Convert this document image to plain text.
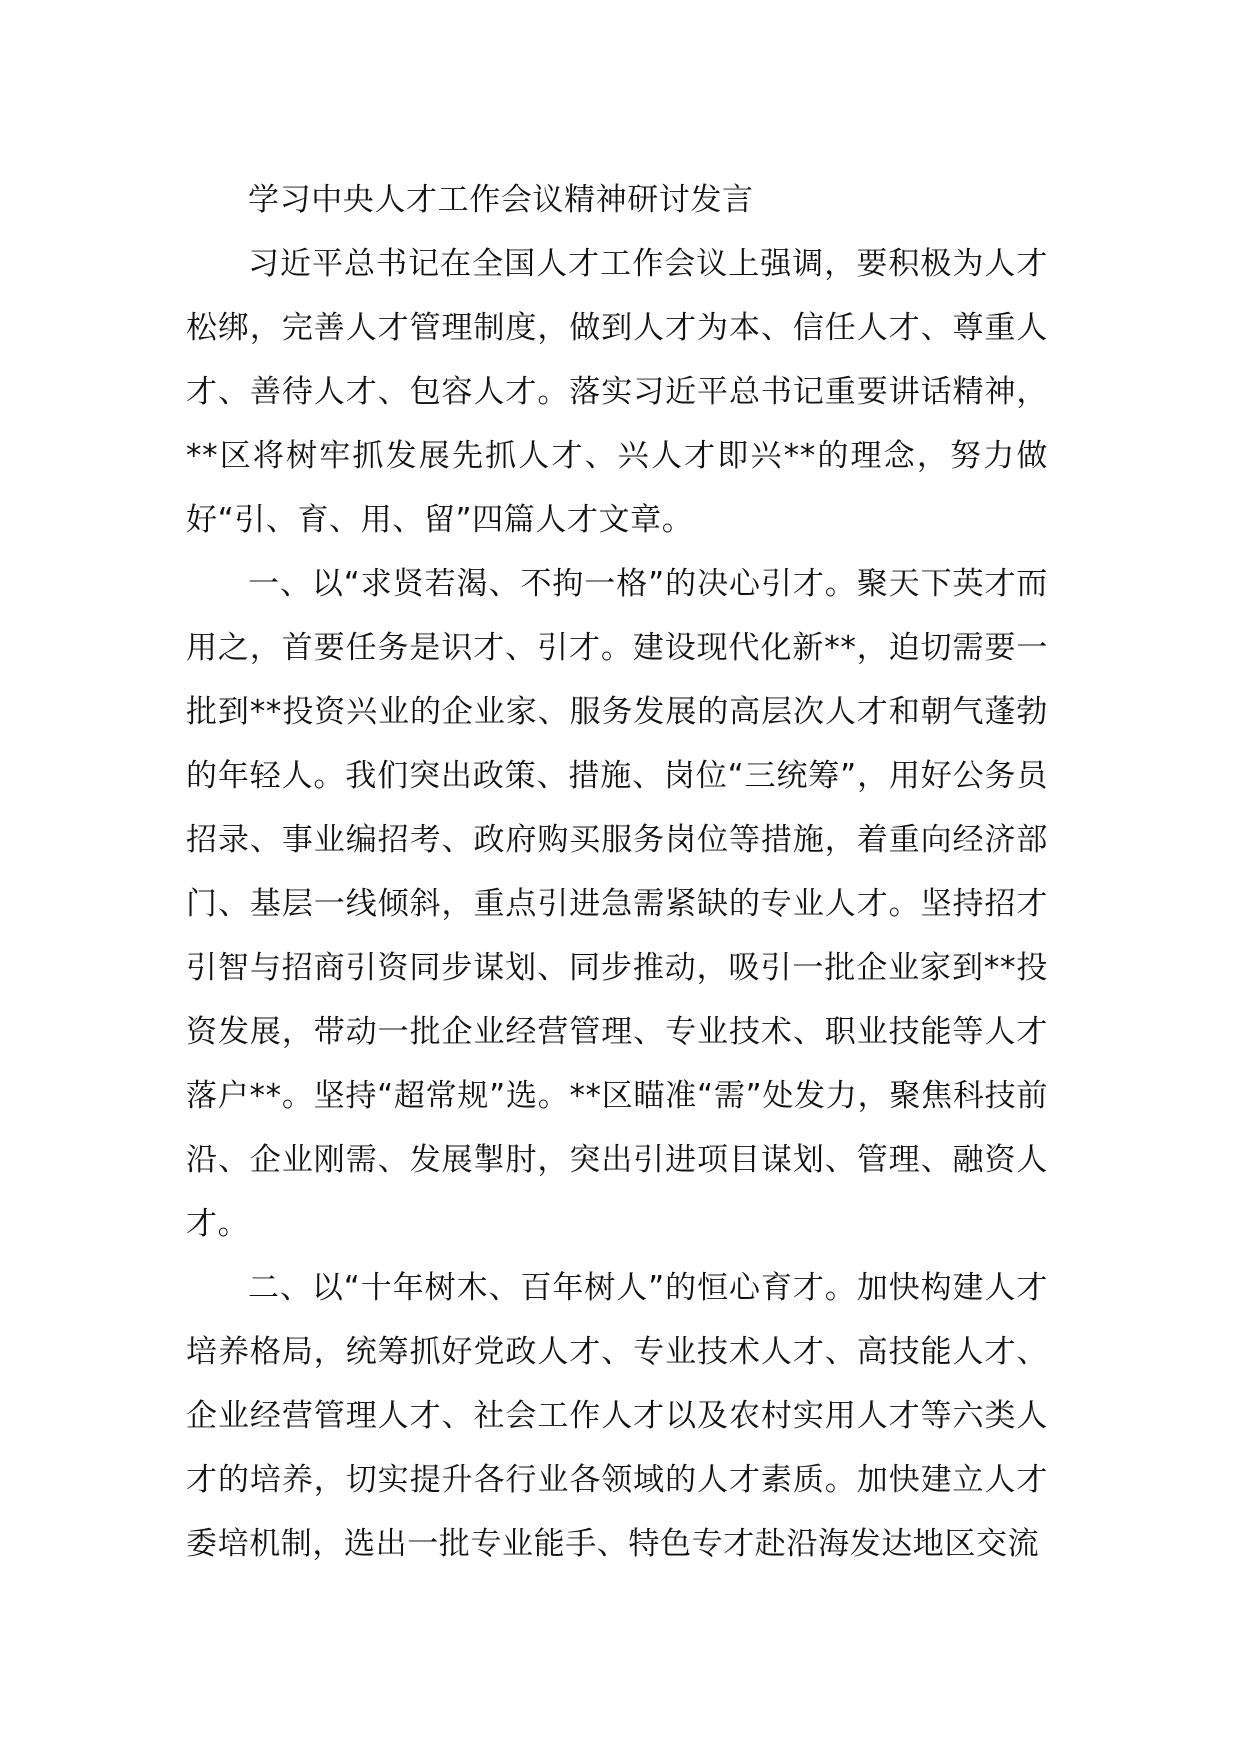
学习中央人才工作会议精神研讨发言

习近平总书记在全国人才工作会议上强调，要积极为人才松绑，完善人才管理制度，做到人才为本、信任人才、尊重人才、善待人才、包容人才。落实习近平总书记重要讲话精神，**区将树牢抓发展先抓人才、兴人才即兴**的理念，努力做好“引、育、用、留”四篇人才文章。

一、以“求贤若渴、不拘一格”的决心引才。聚天下英才而用之，首要任务是识才、引才。建设现代化新**，迫切需要一批到**投资兴业的企业家、服务发展的高层次人才和朝气蓬勃的年轻人。我们突出政策、措施、岗位“三统筹”，用好公务员招录、事业编招考、政府购买服务岗位等措施，着重向经济部门、基层一线倾斜，重点引进急需紧缺的专业人才。坚持招才引智与招商引资同步谋划、同步推动，吸引一批企业家到**投资发展，带动一批企业经营管理、专业技术、职业技能等人才落户**。坚持“超常规”选。**区瞄准“需”处发力，聚焦科技前沿、企业刚需、发展掣肘，突出引进项目谋划、管理、融资人才。

二、以“十年树木、百年树人”的恒心育才。加快构建人才培养格局，统筹抓好党政人才、专业技术人才、高技能人才、企业经营管理人才、社会工作人才以及农村实用人才等六类人才的培养，切实提升各行业各领域的人才素质。加快建立人才委培机制，选出一批专业能手、特色专才赴沿海发达地区交流
